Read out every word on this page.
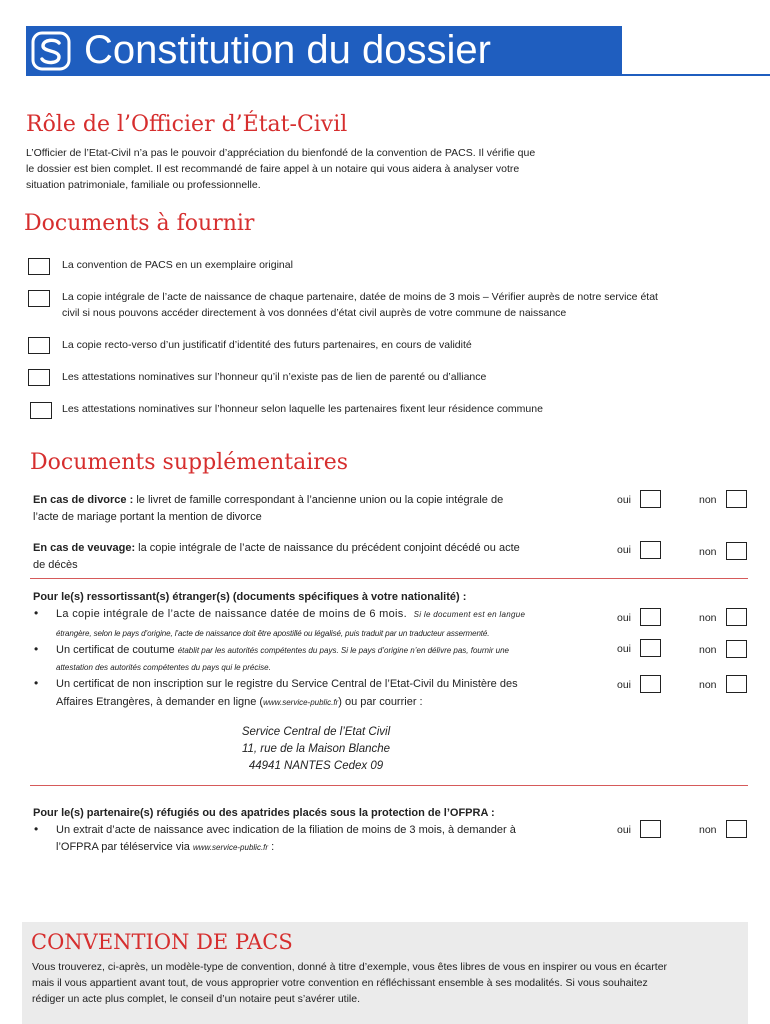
Constitution du dossier
Rôle de l’Officier d’État-Civil
L’Officier de l’Etat-Civil n’a pas le pouvoir d’appréciation du bienfondé de la convention de PACS. Il vérifie que
le dossier est bien complet. Il est recommandé de faire appel à un notaire qui vous aidera à analyser votre
situation patrimoniale, familiale ou professionnelle.
Documents à fournir
La convention de PACS en un exemplaire original
La copie intégrale de l’acte de naissance de chaque partenaire, datée de moins de 3 mois – Vérifier auprès de notre service état
civil si nous pouvons accéder directement à vos données d’état civil auprès de votre commune de naissance
La copie recto-verso d’un justificatif d’identité des futurs partenaires, en cours de validité
Les attestations nominatives sur l’honneur qu’il n’existe pas de lien de parenté ou d’alliance
Les attestations nominatives sur l’honneur selon laquelle les partenaires fixent leur résidence commune
Documents supplémentaires
En cas de divorce : le livret de famille correspondant à l’ancienne union ou la copie intégrale de
l’acte de mariage portant la mention de divorce
oui	non
En cas de veuvage: la copie intégrale de l’acte de naissance du précédent conjoint décédé ou acte
de décès
oui	non
Pour le(s) ressortissant(s) étranger(s) (documents spécifiques à votre nationalité) :
• La copie intégrale de l’acte de naissance datée de moins de 6 mois. Si le document est en langue
étrangère, selon le pays d’origine, l’acte de naissance doit être apostillé ou légalisé, puis traduit par un traducteur assermenté.
oui	non
• Un certificat de coutume établit par les autorités compétentes du pays. Si le pays d’origine n’en délivre pas, fournir une
attestation des autorités compétentes du pays qui le précise.
oui	non
• Un certificat de non inscription sur le registre du Service Central de l’Etat-Civil du Ministère des
Affaires Etrangères, à demander en ligne (www.service-public.fr) ou par courrier :
oui	non
Service Central de l’Etat Civil
11, rue de la Maison Blanche
44941 NANTES Cedex 09
Pour le(s) partenaire(s) réfugiés ou des apatrides placés sous la protection de l’OFPRA :
• Un extrait d’acte de naissance avec indication de la filiation de moins de 3 mois, à demander à
l’OFPRA par téléservice via www.service-public.fr :
oui	non
CONVENTION DE PACS
Vous trouverez, ci-après, un modèle-type de convention, donné à titre d’exemple, vous êtes libres de vous en inspirer ou vous en écarter
mais il vous appartient avant tout, de vous approprier votre convention en réfléchissant ensemble à ses modalités. Si vous souhaitez
rédiger un acte plus complet, le conseil d’un notaire peut s’avérer utile.
